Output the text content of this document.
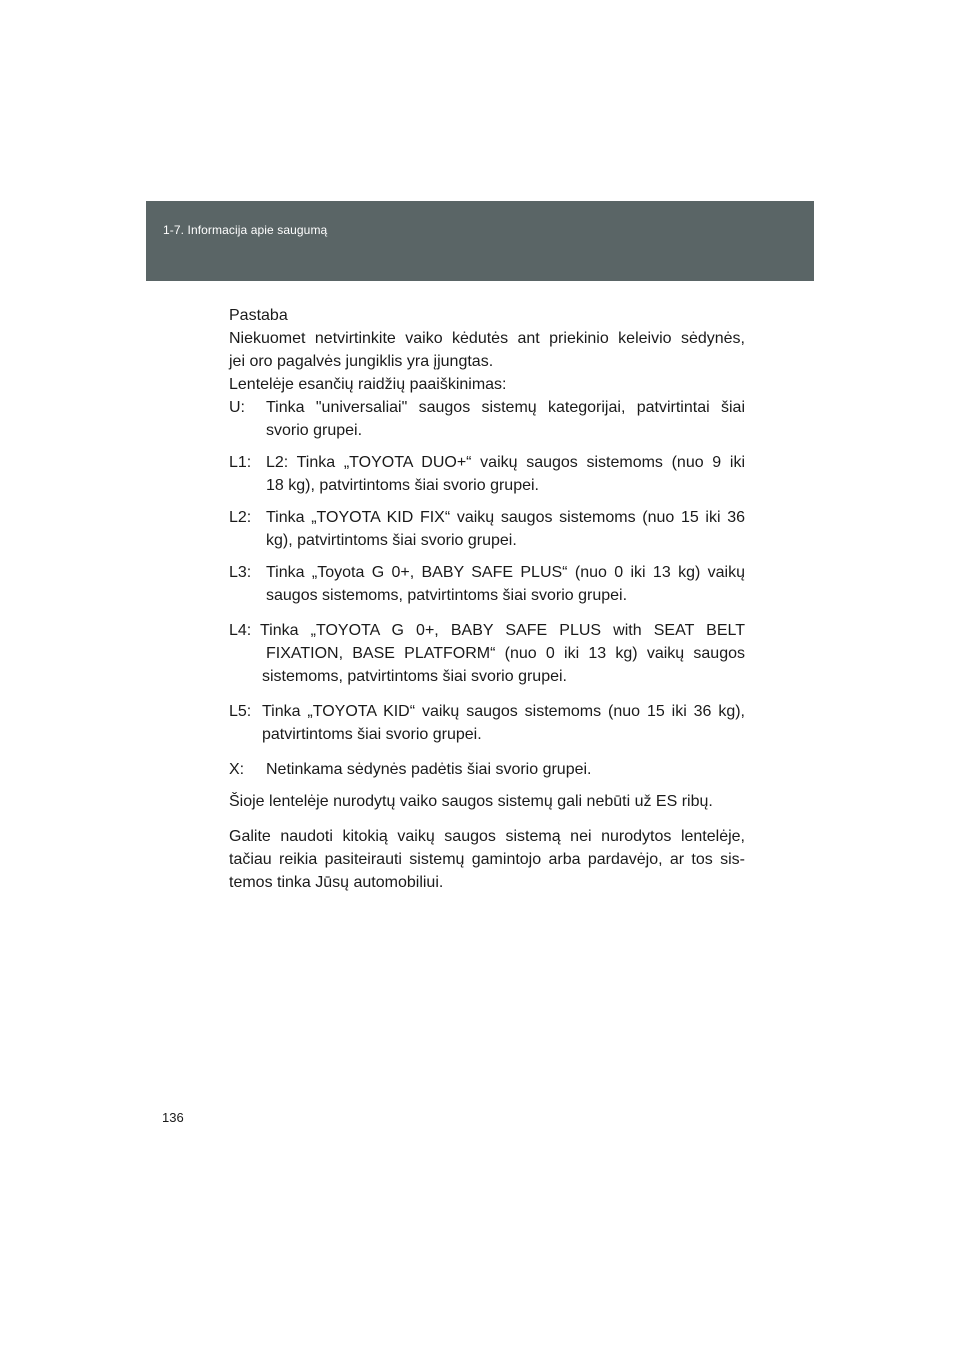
1-7. Informacija apie saugumą
Pastaba
Niekuomet netvirtinkite vaiko kėdutės ant priekinio keleivio sėdynės,
jei oro pagalvės jungiklis yra įjungtas.
Lentelėje esančių raidžių paaiškinimas:
U:	Tinka "universaliai" saugos sistemų kategorijai, patvirtintai šiai
svorio grupei.
L1: L2: Tinka „TOYOTA DUO+“ vaikų saugos sistemoms (nuo 9 iki
18 kg), patvirtintoms šiai svorio grupei.
L2: Tinka „TOYOTA KID FIX“ vaikų saugos sistemoms (nuo 15 iki 36
kg), patvirtintoms šiai svorio grupei.
L3: Tinka „Toyota G 0+, BABY SAFE PLUS“ (nuo 0 iki 13 kg) vaikų
saugos sistemoms, patvirtintoms šiai svorio grupei.
L4: Tinka „TOYOTA G 0+, BABY SAFE PLUS with SEAT BELT
FIXATION, BASE PLATFORM“ (nuo 0 iki 13 kg) vaikų saugos
sistemoms, patvirtintoms šiai svorio grupei.
L5: Tinka „TOYOTA KID“ vaikų saugos sistemoms (nuo 15 iki 36 kg),
patvirtintoms šiai svorio grupei.
X:	Netinkama sėdynės padėtis šiai svorio grupei.
Šioje lentelėje nurodytų vaiko saugos sistemų gali nebūti už ES ribų.
Galite naudoti kitokią vaikų saugos sistemą nei nurodytos lentelėje,
tačiau reikia pasiteirauti sistemų gamintojo arba pardavėjo, ar tos sis-
temos tinka Jūsų automobiliui.
136
